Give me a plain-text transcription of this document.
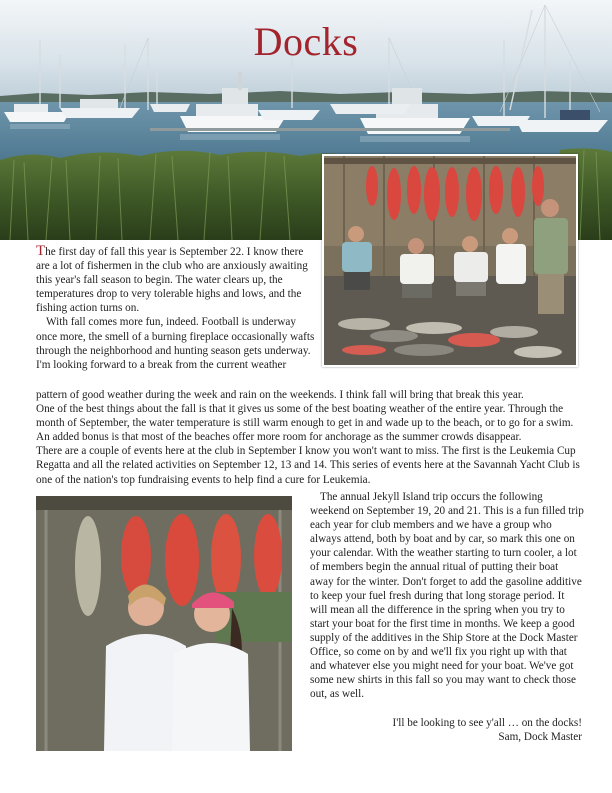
Docks

The first day of fall this year is September 22. I know there are a lot of fishermen in the club who are anxiously awaiting this year's fall season to begin. The water clears up, the temperatures drop to very tolerable highs and lows, and the fishing action turns on.

With fall comes more fun, indeed. Football is underway once more, the smell of a burning fireplace occasionally wafts through the neighborhood and hunting season gets underway. I'm looking forward to a break from the current weather

pattern of good weather during the week and rain on the weekends. I think fall will bring that break this year.

One of the best things about the fall is that it gives us some of the best boating weather of the entire year. Through the month of September, the water temperature is still warm enough to get in and wade up to the beach, or to go for a swim. An added bonus is that most of the beaches offer more room for anchorage as the summer crowds disappear.

There are a couple of events here at the club in September I know you won't want to miss. The first is the Leukemia Cup Regatta and all the related activities on September 12, 13 and 14. This series of events here at the Savannah Yacht Club is one of the nation's top fundraising events to help find a cure for Leukemia.

The annual Jekyll Island trip occurs the following weekend on September 19, 20 and 21. This is a fun filled trip each year for club members and we have a group who always attend, both by boat and by car, so mark this one on your calendar. With the weather starting to turn cooler, a lot of members begin the annual ritual of putting their boat away for the winter. Don't forget to add the gasoline additive to keep your fuel fresh during that long storage period. It will mean all the difference in the spring when you try to start your boat for the first time in months. We keep a good supply of the additives in the Ship Store at the Dock Master Office, so come on by and we'll fix you right up with that and whatever else you might need for your boat. We've got some new shirts in this fall so you may want to check those out, as well.

I'll be looking to see y'all … on the docks!
Sam, Dock Master
